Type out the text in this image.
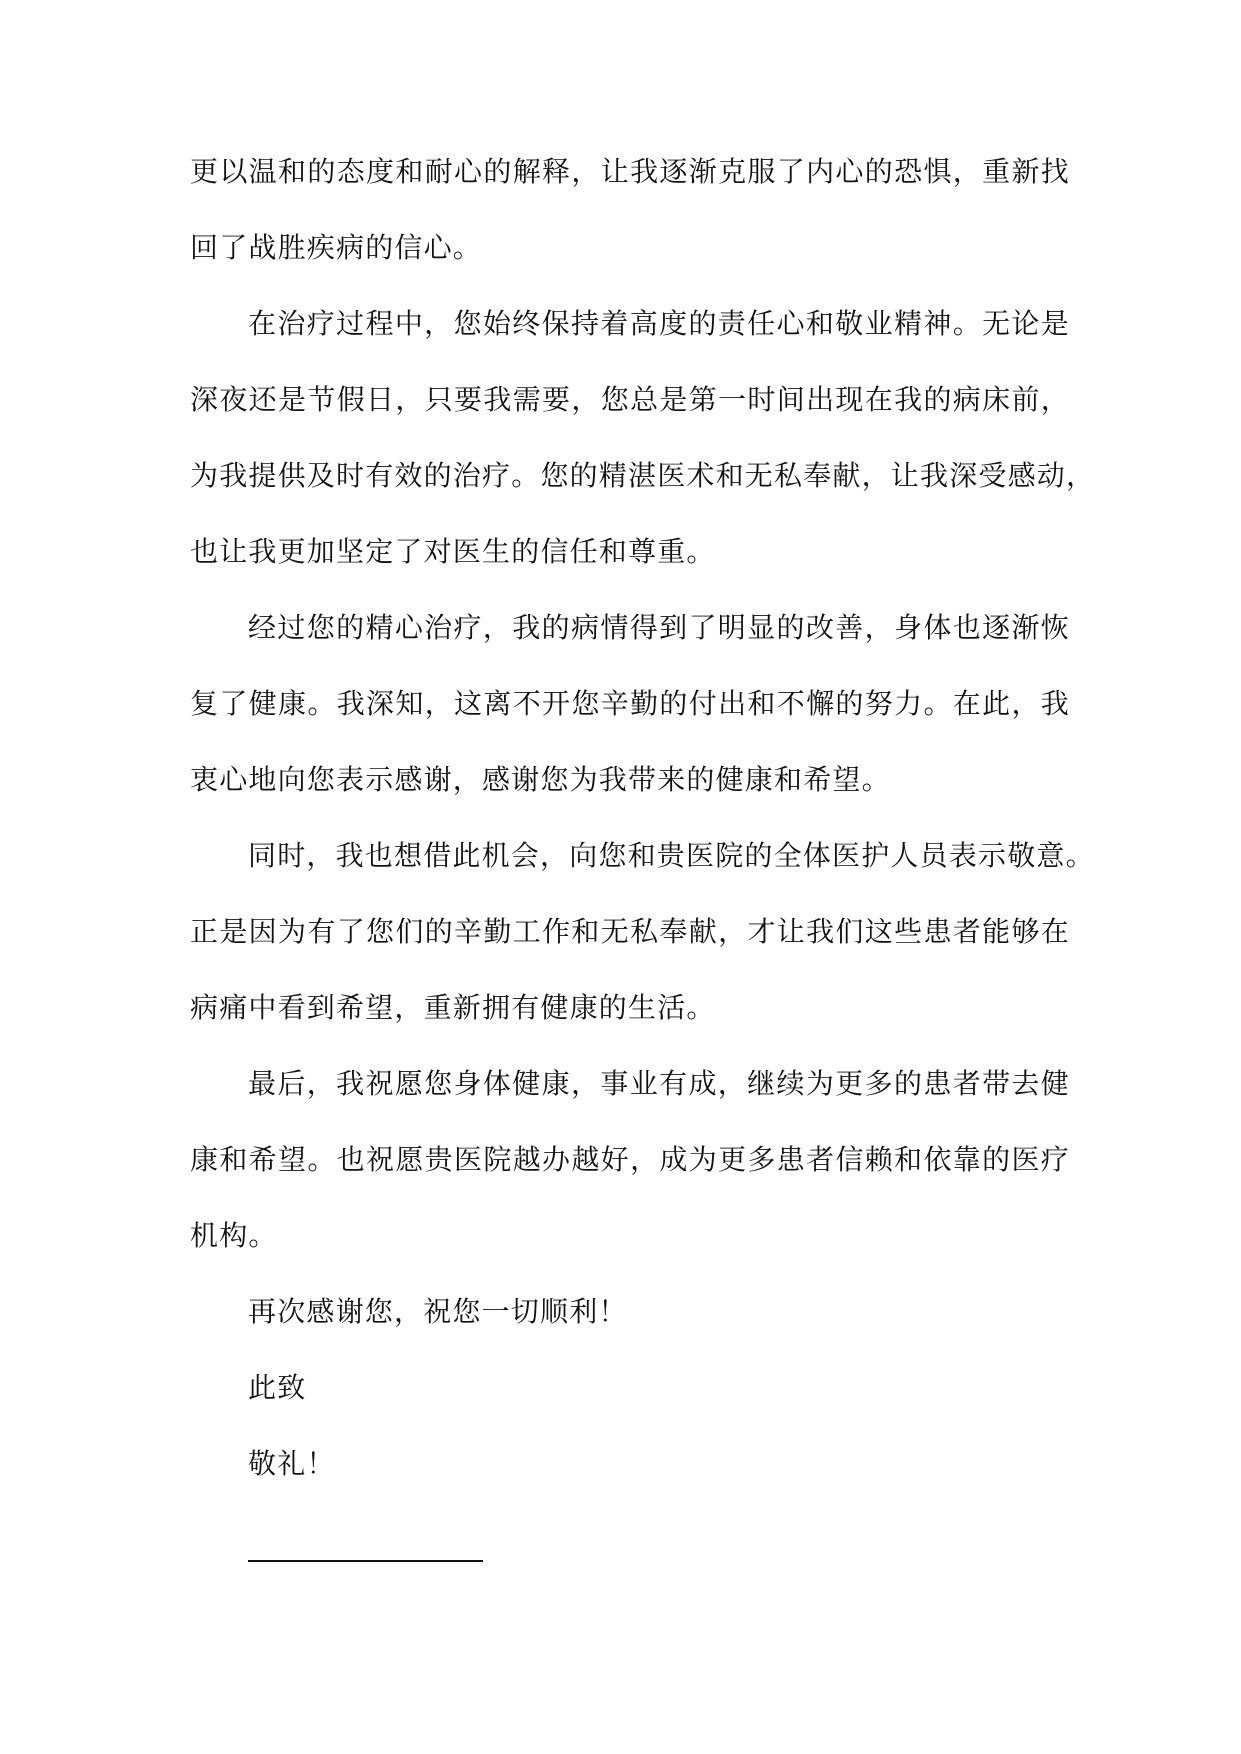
更以温和的态度和耐心的解释，让我逐渐克服了内心的恐惧，重新找
回了战胜疾病的信心。
在治疗过程中，您始终保持着高度的责任心和敬业精神。无论是
深夜还是节假日，只要我需要，您总是第一时间出现在我的病床前，
为我提供及时有效的治疗。您的精湛医术和无私奉献，让我深受感动，
也让我更加坚定了对医生的信任和尊重。
经过您的精心治疗，我的病情得到了明显的改善，身体也逐渐恢
复了健康。我深知，这离不开您辛勤的付出和不懈的努力。在此，我
衷心地向您表示感谢，感谢您为我带来的健康和希望。
同时，我也想借此机会，向您和贵医院的全体医护人员表示敬意。
正是因为有了您们的辛勤工作和无私奉献，才让我们这些患者能够在
病痛中看到希望，重新拥有健康的生活。
最后，我祝愿您身体健康，事业有成，继续为更多的患者带去健
康和希望。也祝愿贵医院越办越好，成为更多患者信赖和依靠的医疗
机构。
再次感谢您，祝您一切顺利！
此致
敬礼！
